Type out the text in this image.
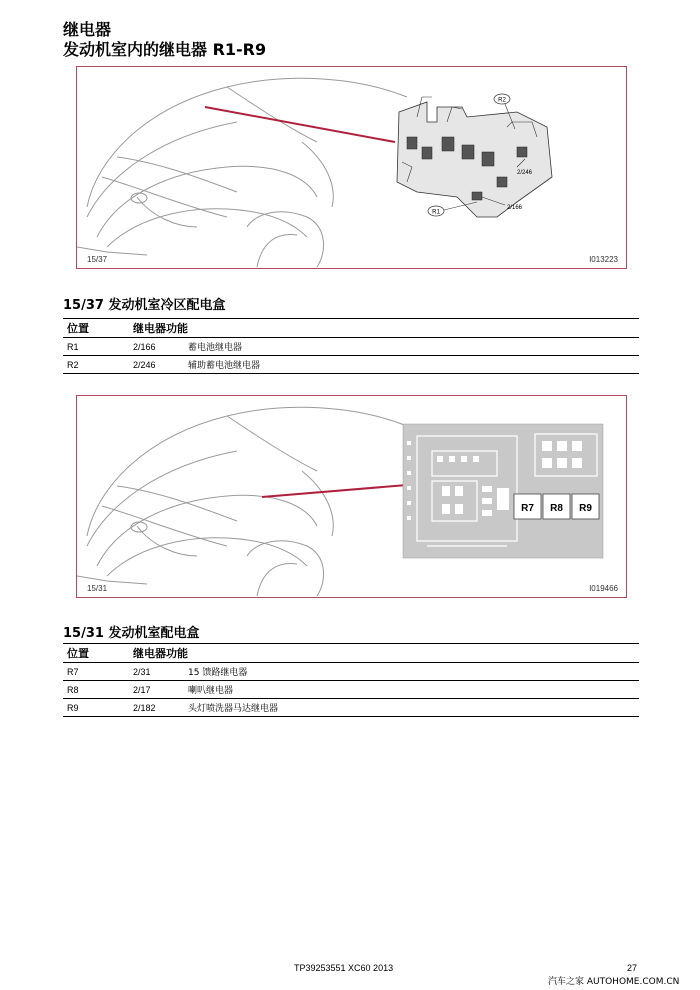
继电器
发动机室内的继电器 R1-R9
R2
2/246
R1
2/166
15/37	I013223
15/37 发动机室冷区配电盒
位置	继电器功能	
R1	2/166	蓄电池继电器
R2	2/246	辅助蓄电池继电器
R7 R8 R9
15/31	I019466
15/31 发动机室配电盒
位置	继电器功能	
R7	2/31	15 馈路继电器
R8	2/17	喇叭继电器
R9	2/182	头灯喷洗器马达继电器
TP39253551 XC60 2013	27
汽车之家 AUTOHOME.COM.CN
